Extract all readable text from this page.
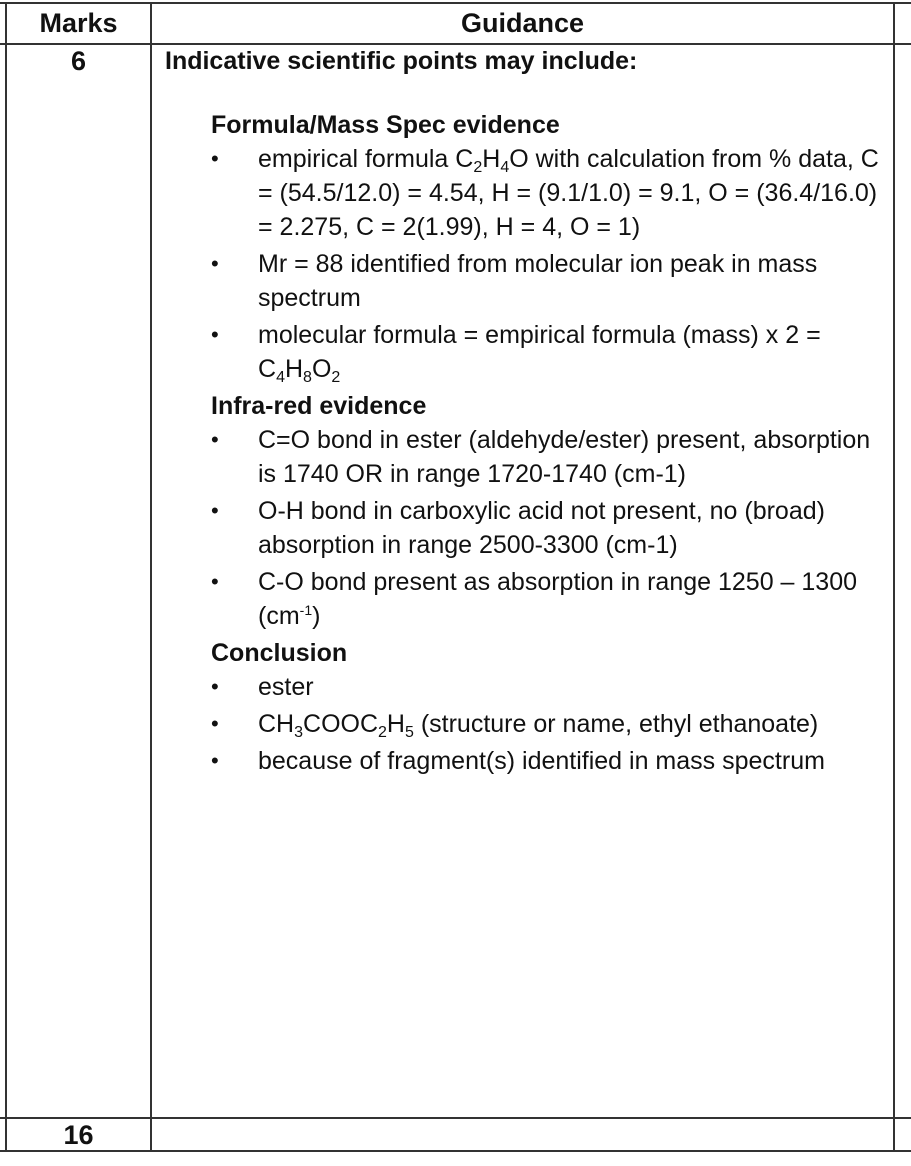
Marks	Guidance
6	Indicative scientific points may include:
Formula/Mass Spec evidence
• empirical formula $C_2H_4O$ with calculation from % data, C = (54.5/12.0) = 4.54, H = (9.1/1.0) = 9.1, O = (36.4/16.0) = 2.275, C = 2(1.99), H = 4, O = 1)
• Mr = 88 identified from molecular ion peak in mass spectrum
• molecular formula = empirical formula (mass) x $2 = C_4H_8O_2$
Infra-red evidence
• C=O bond in ester (aldehyde/ester) present, absorption is 1740 OR in range 1720-1740 (cm-1)
• O-H bond in carboxylic acid not present, no (broad) absorption in range 2500-3300 (cm-1)
• C-O bond present as absorption in range 1250 – 1300 $(cm^{-1})$
Conclusion
• ester
• $CH_3COOC_2H_5$ (structure or name, ethyl ethanoate)
• because of fragment(s) identified in mass spectrum
16
